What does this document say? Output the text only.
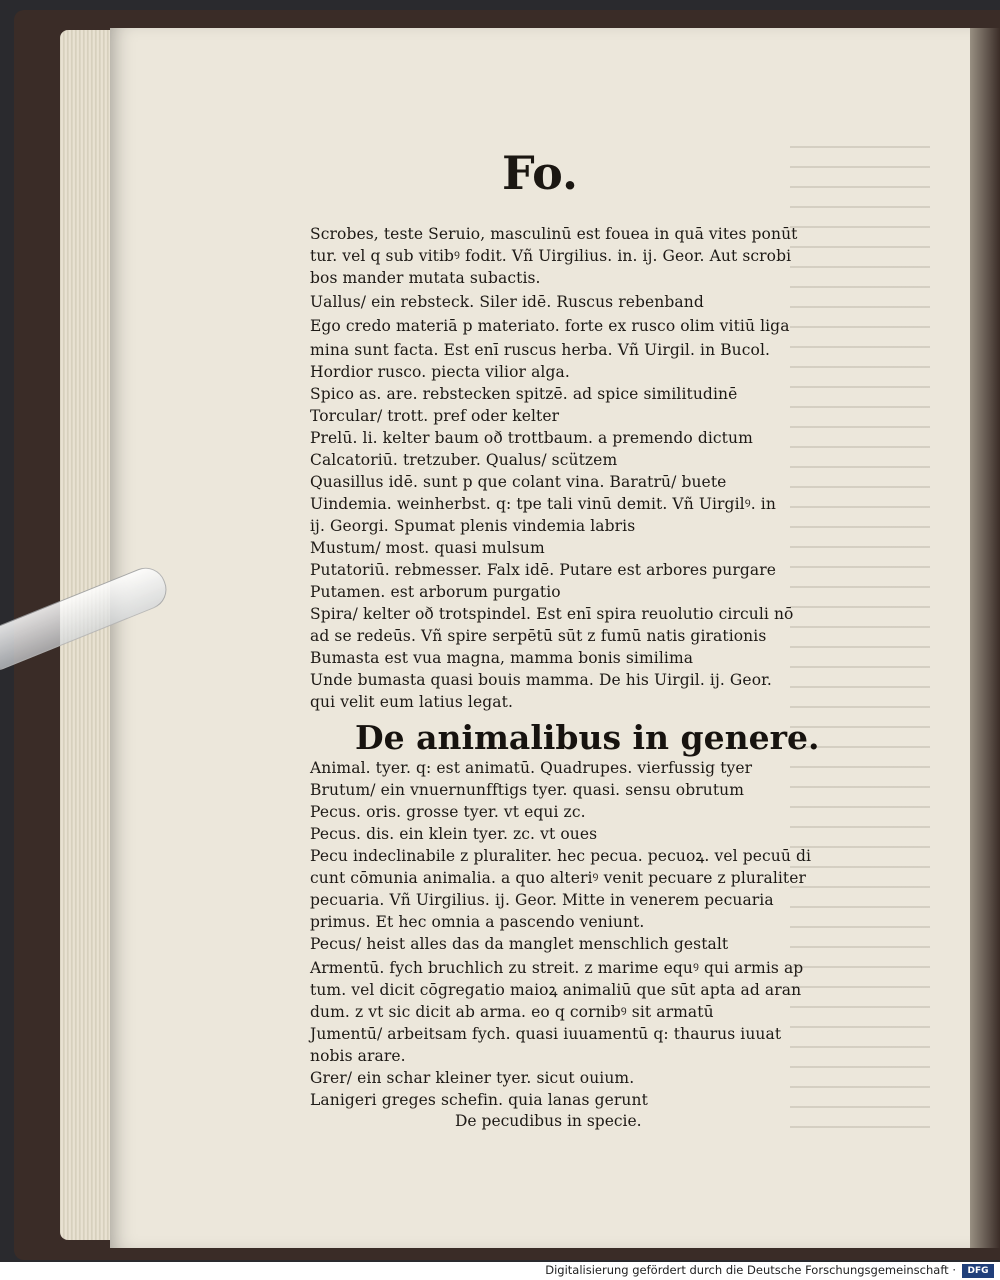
Fo.

Scrobes, teste Seruio, masculinū est fouea in quā vites ponūt

tur. vel q sub vitibꝰ fodit. Vñ Uirgilius. in. ij. Geor. Aut scrobi

bos mander mutata subactis.

Uallus/ ein rebsteck. Siler idē. Ruscus rebenband

Ego credo materiā p materiato. forte ex rusco olim vitiū liga

mina sunt facta. Est enī ruscus herba. Vñ Uirgil. in Bucol.

Hordior rusco. piecta vilior alga.

Spico as. are. rebstecken spitzē. ad spice similitudinē

Torcular/ trott. pref oder kelter

Prelū. li. kelter baum oð trottbaum. a premendo dictum

Calcatoriū. tretzuber. Qualus/ scützem

Quasillus idē. sunt p que colant vina. Baratrū/ buete

Uindemia. weinherbst. q: tpe tali vinū demit. Vñ Uirgilꝰ. in

ij. Georgi. Spumat plenis vindemia labris

Mustum/ most. quasi mulsum

Putatoriū. rebmesser. Falx idē. Putare est arbores purgare

Putamen. est arborum purgatio

Spira/ kelter oð trotspindel. Est enī spira reuolutio circuli nō

ad se redeūs. Vñ spire serpētū sūt z fumū natis girationis

Bumasta est vua magna, mamma bonis similima

Unde bumasta quasi bouis mamma. De his Uirgil. ij. Geor.

qui velit eum latius legat.

De animalibus in genere.

Animal. tyer. q: est animatū. Quadrupes. vierfussig tyer

Brutum/ ein vnuernunfftigs tyer. quasi. sensu obrutum

Pecus. oris. grosse tyer. vt equi zc.

Pecus. dis. ein klein tyer. zc. vt oues

Pecu indeclinabile z pluraliter. hec pecua. pecuoꝝ. vel pecuū di

cunt cōmunia animalia. a quo alteriꝰ venit pecuare z pluraliter

pecuaria. Vñ Uirgilius. ij. Geor. Mitte in venerem pecuaria

primus. Et hec omnia a pascendo veniunt.

Pecus/ heist alles das da manglet menschlich gestalt

Armentū. fych bruchlich zu streit. z marime equꝰ qui armis ap

tum. vel dicit cōgregatio maioꝝ animaliū que sūt apta ad aran

dum. z vt sic dicit ab arma. eo q cornibꝰ sit armatū

Jumentū/ arbeitsam fych. quasi iuuamentū q: thaurus iuuat

nobis arare.

Grer/ ein schar kleiner tyer. sicut ouium.

Lanigeri greges schefin. quia lanas gerunt

De pecudibus in specie.

Digitalisierung gefördert durch die Deutsche Forschungsgemeinschaft ·	DFG
